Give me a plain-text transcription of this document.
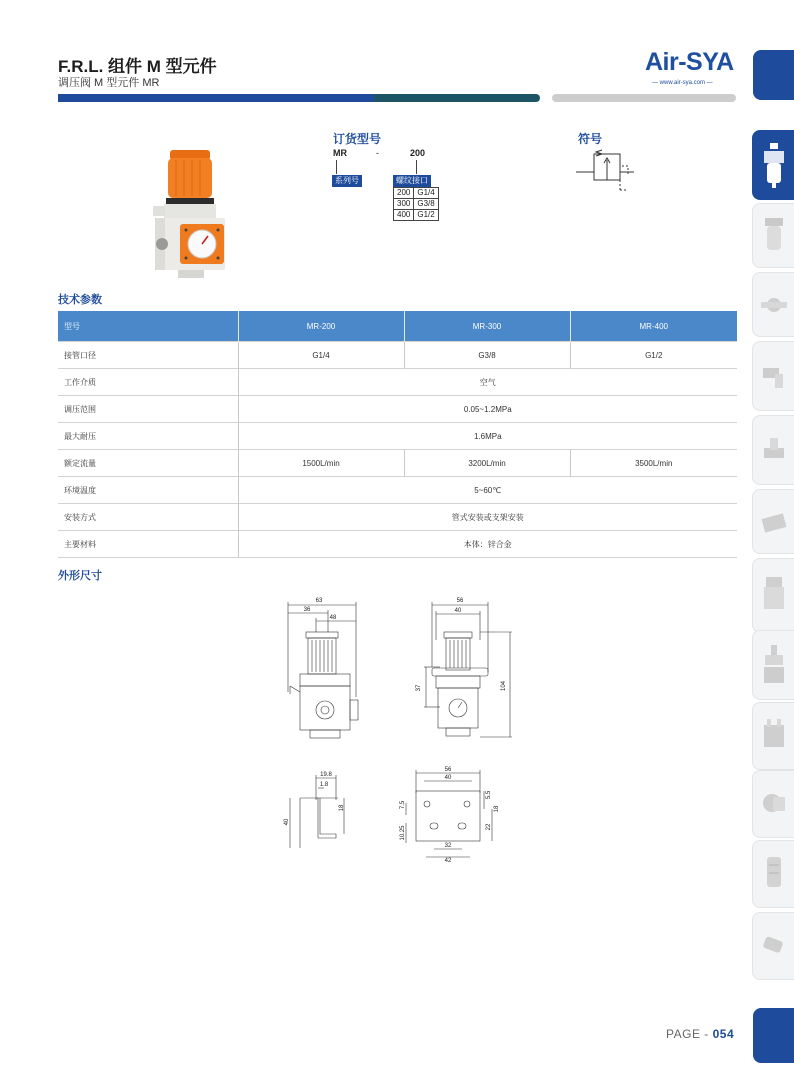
F.R.L. 组件 M 型元件
调压阀 M 型元件 MR
Air-SYA
— www.air-sya.com —
订货型号
MR	-	200
系列号	螺纹接口
200	G1/4
300	G3/8
400	G1/2
符号
技术参数
型号	MR-200	MR-300	MR-400
接管口径	G1/4	G3/8	G1/2
工作介质	空气		
调压范围	0.05~1.2MPa		
最大耐压	1.6MPa		
额定流量	1500L/min	3200L/min	3500L/min
环境温度	5~60℃		
安装方式	管式安装或支架安装		
主要材料	本体：锌合金		
外形尺寸
63
36
48
56
40
37	104
19.8
1.8
18
40
56
40
7.5
5.5
18
10.25	22
32
42
PAGE - 054
